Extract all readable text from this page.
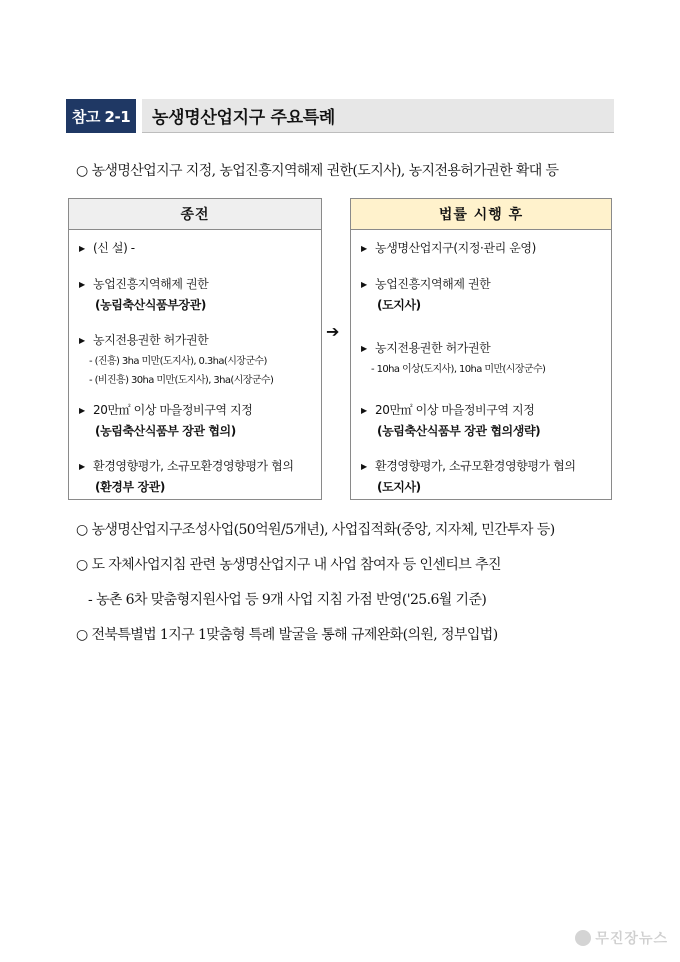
참고 2-1	농생명산업지구 주요특례
○ 농생명산업지구 지정, 농업진흥지역해제 권한(도지사), 농지전용허가권한 확대 등
종전
▶ (신 설) -
▶ 농업진흥지역해제 권한
(농림축산식품부장관)
▶ 농지전용권한 허가권한
- (진흥) 3ha 미만(도지사), 0.3ha(시장군수)
- (비진흥) 30ha 미만(도지사), 3ha(시장군수)
▶ 20만㎡ 이상 마을정비구역 지정
(농림축산식품부 장관 협의)
▶ 환경영향평가, 소규모환경영향평가 협의
(환경부 장관)
➔
법률 시행 후
▶ 농생명산업지구(지정·관리 운영)
▶ 농업진흥지역해제 권한
(도지사)
▶ 농지전용권한 허가권한
- 10ha 이상(도지사), 10ha 미만(시장군수)
▶ 20만㎡ 이상 마을정비구역 지정
(농림축산식품부 장관 협의생략)
▶ 환경영향평가, 소규모환경영향평가 협의
(도지사)
○ 농생명산업지구조성사업(50억원/5개년), 사업집적화(중앙, 지자체, 민간투자 등)
○ 도 자체사업지침 관련 농생명산업지구 내 사업 참여자 등 인센티브 추진
- 농촌 6차 맞춤형지원사업 등 9개 사업 지침 가점 반영('25.6월 기준)
○ 전북특별법 1지구 1맞춤형 특례 발굴을 통해 규제완화(의원, 정부입법)
무진장뉴스
